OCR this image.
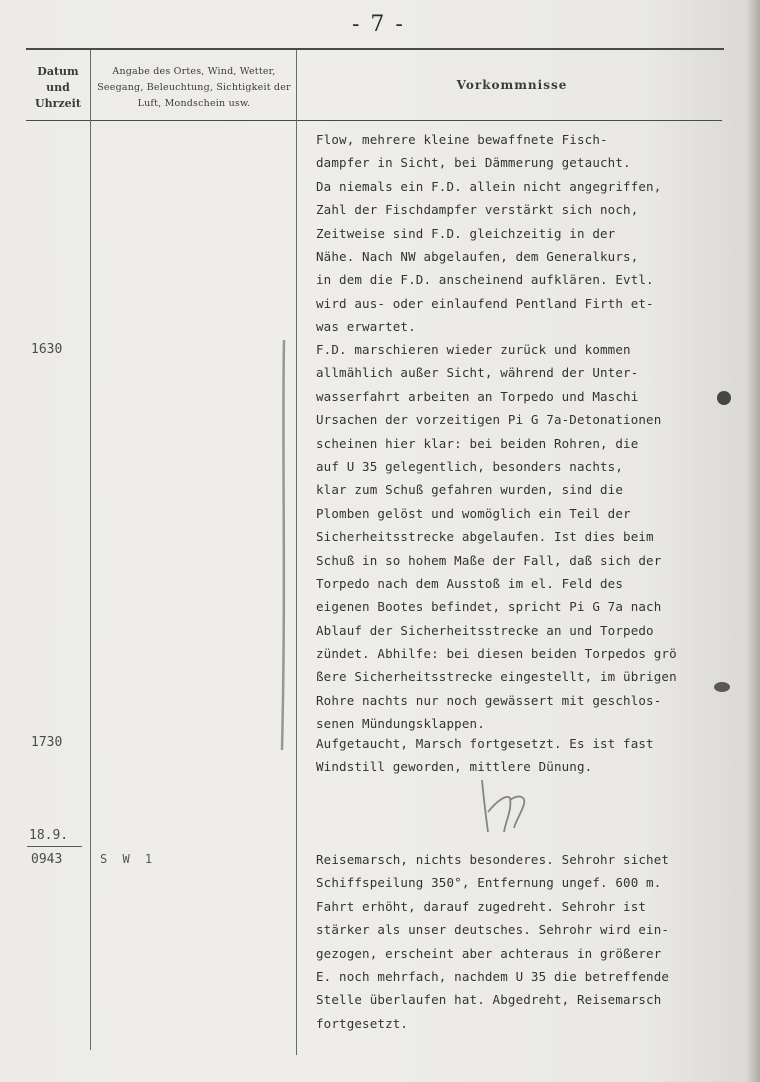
- 7 -
Datum und Uhrzeit
Angabe des Ortes, Wind, Wetter, Seegang, Beleuchtung, Sichtigkeit der Luft, Mondschein usw.
Vorkommnisse
1630
1730
18.9.
0943	S W 1
Flow, mehrere kleine bewaffnete Fisch-
dampfer in Sicht, bei Dämmerung getaucht.
Da niemals ein F.D. allein nicht angegriffen,
Zahl der Fischdampfer verstärkt sich noch,
Zeitweise sind F.D. gleichzeitig in der
Nähe. Nach NW abgelaufen, dem Generalkurs,
in dem die F.D. anscheinend aufklären. Evtl.
wird aus- oder einlaufend Pentland Firth et-
was erwartet.
F.D. marschieren wieder zurück und kommen
allmählich außer Sicht, während der Unter-
wasserfahrt arbeiten an Torpedo und Maschi
Ursachen der vorzeitigen Pi G 7a-Detonationen
scheinen hier klar: bei beiden Rohren, die
auf U 35 gelegentlich, besonders nachts,
klar zum Schuß gefahren wurden, sind die
Plomben gelöst und womöglich ein Teil der
Sicherheitsstrecke abgelaufen. Ist dies beim
Schuß in so hohem Maße der Fall, daß sich der
Torpedo nach dem Ausstoß im el. Feld des
eigenen Bootes befindet, spricht Pi G 7a nach
Ablauf der Sicherheitsstrecke an und Torpedo
zündet. Abhilfe: bei diesen beiden Torpedos grö
ßere Sicherheitsstrecke eingestellt, im übrigen
Rohre nachts nur noch gewässert mit geschlos-
senen Mündungsklappen.
Aufgetaucht, Marsch fortgesetzt. Es ist fast
Windstill geworden, mittlere Dünung.
Reisemarsch, nichts besonderes. Sehrohr sichet
Schiffspeilung 350°, Entfernung ungef. 600 m.
Fahrt erhöht, darauf zugedreht. Sehrohr ist
stärker als unser deutsches. Sehrohr wird ein-
gezogen, erscheint aber achteraus in größerer
E. noch mehrfach, nachdem U 35 die betreffende
Stelle überlaufen hat. Abgedreht, Reisemarsch
fortgesetzt.
